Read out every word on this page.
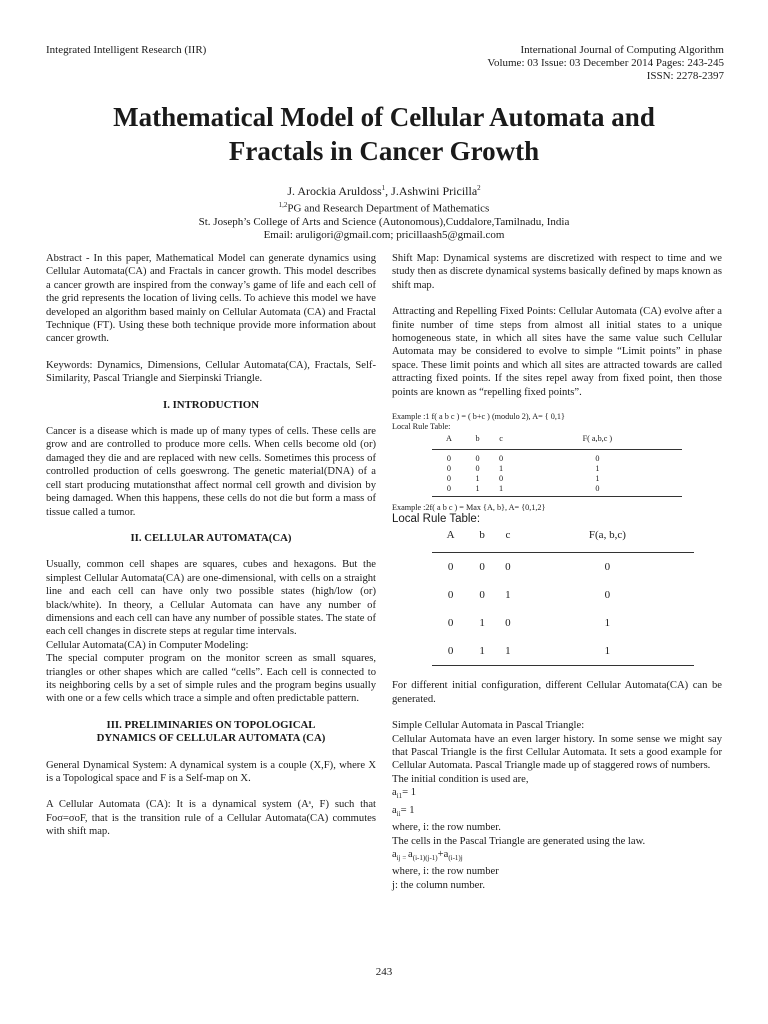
Integrated Intelligent Research (IIR)	International Journal of Computing Algorithm
Volume: 03 Issue: 03 December 2014 Pages: 243-245
ISSN: 2278-2397
Mathematical Model of Cellular Automata and
Fractals in Cancer Growth
J. Arockia Aruldoss$^1$, J.Ashwini Pricilla$^2$
$^{1,2}$PG and Research Department of Mathematics
St. Joseph’s College of Arts and Science (Autonomous),Cuddalore,Tamilnadu, India
Email: aruligori@gmail.com; pricillaash5@gmail.com

Abstract - In this paper, Mathematical Model can generate dynamics using Cellular Automata(CA) and Fractals in cancer growth. This model describes a cancer growth are inspired from the conway’s game of life and each cell of the grid represents the location of living cells. To achieve this model we have developed an algorithm based mainly on Cellular Automata (CA) and Fractal Technique (FT). Using these both technique provide more information about cancer growth.

Keywords: Dynamics, Dimensions, Cellular Automata(CA), Fractals, Self-Similarity, Pascal Triangle and Sierpinski Triangle.

I. INTRODUCTION

Cancer is a disease which is made up of many types of cells. These cells are grow and are controlled to produce more cells. When cells become old (or) damaged they die and are replaced with new cells. Sometimes this process of controlled production of cells goeswrong. The genetic material(DNA) of a cell start producing mutationsthat affect normal cell growth and division by being damaged. When this happens, these cells do not die but form a mass of tissue called a tumor.

II. CELLULAR AUTOMATA(CA)

Usually, common cell shapes are squares, cubes and hexagons. But the simplest Cellular Automata(CA) are one-dimensional, with cells on a straight line and each cell can have only two possible states (high/low (or) black/white). In theory, a Cellular Automata can have any number of dimensions and each cell can have any number of possible states. The state of each cell changes in discrete steps at regular time intervals.

Cellular Automata(CA) in Computer Modeling:

The special computer program on the monitor screen as small squares, triangles or other shapes which are called “cells”. Each cell is connected to its neighboring cells by a set of simple rules and the program begins usually with one or a few cells which trace a simple and often predictable pattern.

III. PRELIMINARIES ON TOPOLOGICAL
DYNAMICS OF CELLULAR AUTOMATA (CA)

General Dynamical System: A dynamical system is a couple (X,F), where X is a Topological space and F is a Self-map on X.

A Cellular Automata (CA): It is a dynamical system (Aˢ, F) such that Fοσ=σοF, that is the transition rule of a Cellular Automata(CA) commutes with shift map.

Shift Map: Dynamical systems are discretized with respect to time and we study then as discrete dynamical systems basically defined by maps known as shift map.

Attracting and Repelling Fixed Points: Cellular Automata (CA) evolve after a finite number of time steps from almost all initial states to a unique homogeneous state, in which all sites have the same value such Cellular Automata may be considered to evolve to simple “Limit points” in phase space. These limit points and which all sites are attracted towards are called attracting fixed points. If the sites repel away from fixed point, then those points are known as “repelling fixed points”.

Example :1 f( a b c ) = ( b+c ) (modulo 2), A= { 0,1}

Local Rule Table:

A	b	c	F( a,b,c )
0	0	0	0
0	0	1	1
0	1	0	1
0	1	1	0

Example :2f( a b c ) = Max {A, b}, A= {0,1,2}

Local Rule Table:

A	b	c	F(a, b,c)
0	0	0	0
0	0	1	0
0	1	0	1
0	1	1	1

For different initial configuration, different Cellular Automata(CA) can be generated.

Simple Cellular Automata in Pascal Triangle:

Cellular Automata have an even larger history. In some sense we might say that Pascal Triangle is the first Cellular Automata. It sets a good example for Cellular Automata. Pascal Triangle made up of staggered rows of numbers.

The initial condition is used are,

$a_{i1}= 1$

$a_{ii}= 1$

where, i: the row number.

The cells in the Pascal Triangle are generated using the law.

$a_{ij =}$ $a_{(i-1)(j-1)}+a_{(i-1)j}$

where, i: the row number

j: the column number.

243
